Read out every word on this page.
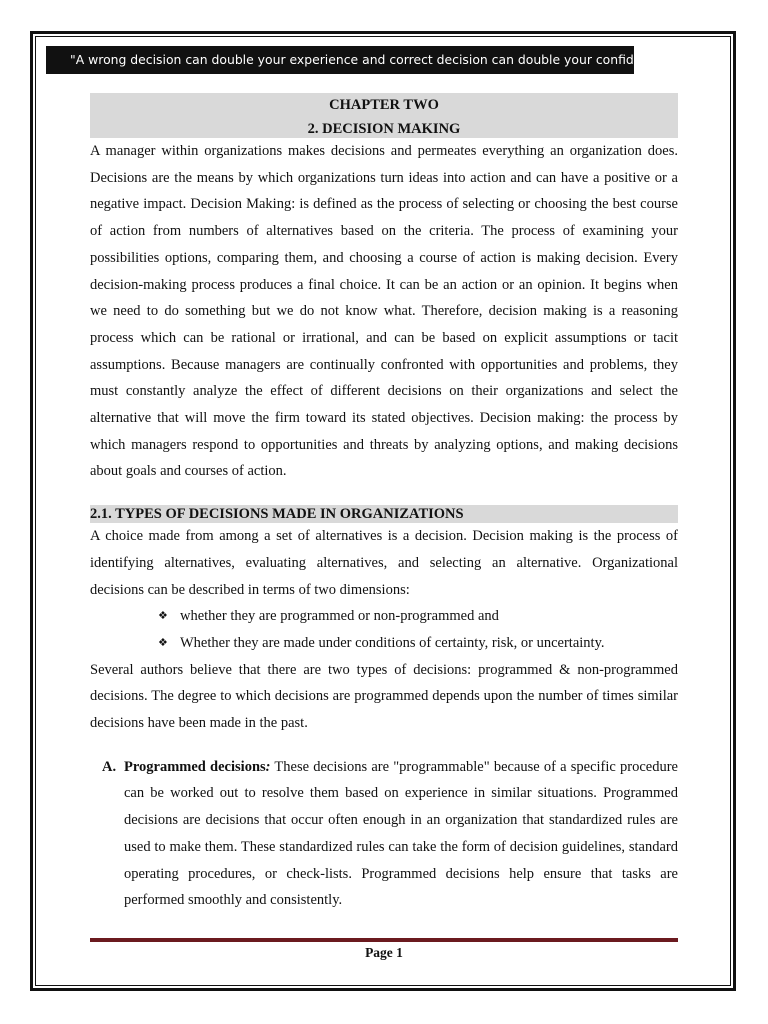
"A wrong decision can double your experience and correct decision can double your confidence"
CHAPTER TWO
2. DECISION MAKING

A manager within organizations makes decisions and permeates everything an organization does. Decisions are the means by which organizations turn ideas into action and can have a positive or a negative impact. Decision Making: is defined as the process of selecting or choosing the best course of action from numbers of alternatives based on the criteria. The process of examining your possibilities options, comparing them, and choosing a course of action is making decision. Every decision-making process produces a final choice. It can be an action or an opinion. It begins when we need to do something but we do not know what. Therefore, decision making is a reasoning process which can be rational or irrational, and can be based on explicit assumptions or tacit assumptions. Because managers are continually confronted with opportunities and problems, they must constantly analyze the effect of different decisions on their organizations and select the alternative that will move the firm toward its stated objectives. Decision making: the process by which managers respond to opportunities and threats by analyzing options, and making decisions about goals and courses of action.

2.1. TYPES OF DECISIONS MADE IN ORGANIZATIONS

A choice made from among a set of alternatives is a decision. Decision making is the process of identifying alternatives, evaluating alternatives, and selecting an alternative. Organizational decisions can be described in terms of two dimensions:

❖ whether they are programmed or non-programmed and
❖ Whether they are made under conditions of certainty, risk, or uncertainty.

Several authors believe that there are two types of decisions: programmed & non-programmed decisions. The degree to which decisions are programmed depends upon the number of times similar decisions have been made in the past.

A. Programmed decisions: These decisions are "programmable" because of a specific procedure can be worked out to resolve them based on experience in similar situations. Programmed decisions are decisions that occur often enough in an organization that standardized rules are used to make them. These standardized rules can take the form of decision guidelines, standard operating procedures, or check-lists. Programmed decisions help ensure that tasks are performed smoothly and consistently.

Page 1
